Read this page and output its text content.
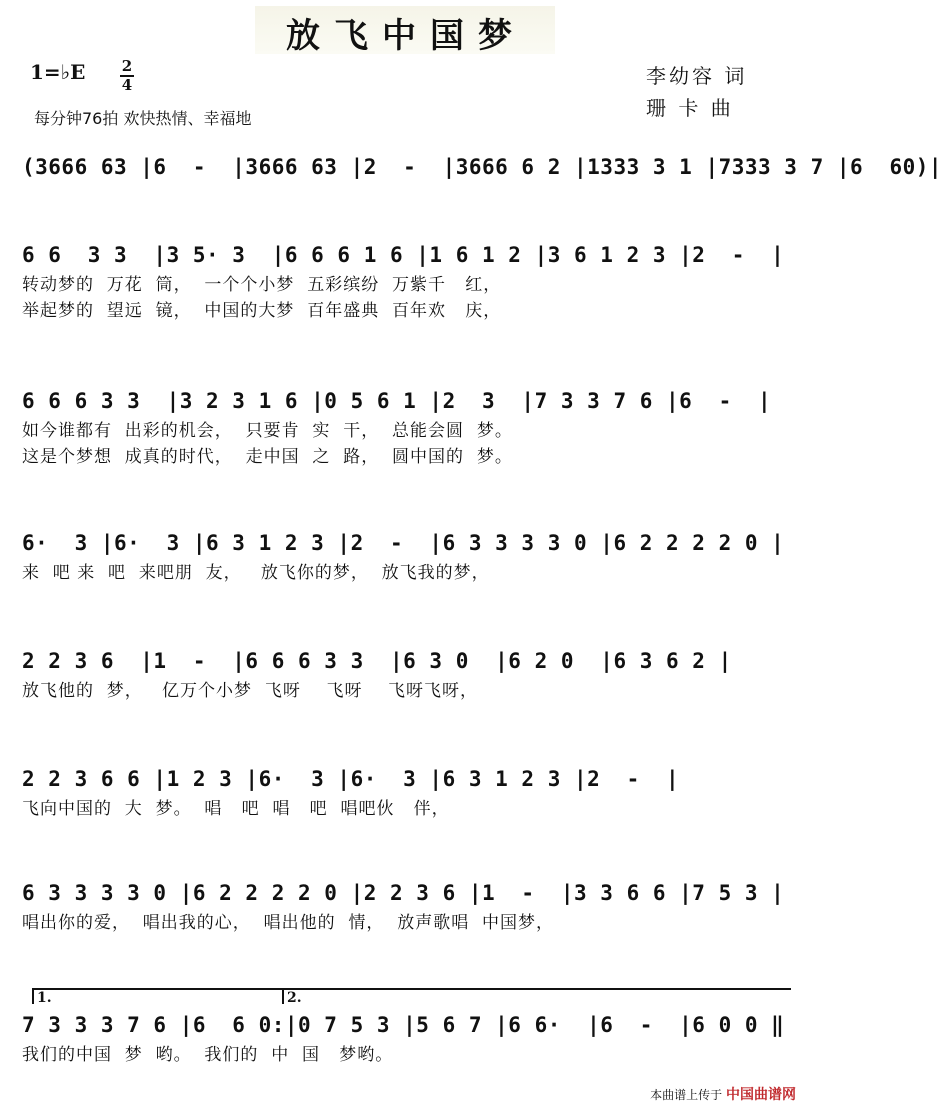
放飞中国梦
1=♭E 2
4
每分钟76拍 欢快热情、幸福地
李幼容 词
珊 卡 曲
(3666 63 |6  -  |3666 63 |2  -  |3666 6 2 |1333 3 1 |7333 3 7 |6  60)|
6 6  3 3  |3 5· 3  |6 6 6 1 6 |1 6 1 2 |3 6 1 2 3 |2  -  |
转动梦的  万花  筒，  一个个小梦  五彩缤纷  万紫千   红，
举起梦的  望远  镜，  中国的大梦  百年盛典  百年欢   庆，
6 6 6 3 3  |3 2 3 1 6 |0 5 6 1 |2  3  |7 3 3 7 6 |6  -  |
如今谁都有  出彩的机会，  只要肯  实  干，  总能会圆  梦。
这是个梦想  成真的时代，  走中国  之  路，  圆中国的  梦。
6·  3 |6·  3 |6 3 1 2 3 |2  -  |6 3 3 3 3 0 |6 2 2 2 2 0 |
来  吧 来  吧  来吧朋  友，   放飞你的梦，  放飞我的梦，
2 2 3 6  |1  -  |6 6 6 3 3  |6 3 0  |6 2 0  |6 3 6 2 |
放飞他的  梦，   亿万个小梦  飞呀    飞呀    飞呀飞呀，
2 2 3 6 6 |1 2 3 |6·  3 |6·  3 |6 3 1 2 3 |2  -  |
飞向中国的  大  梦。  唱   吧  唱   吧  唱吧伙   伴，
6 3 3 3 3 0 |6 2 2 2 2 0 |2 2 3 6 |1  -  |3 3 6 6 |7 5 3 |
唱出你的爱，  唱出我的心，  唱出他的  情，  放声歌唱  中国梦，
1.	2.
7 3 3 3 7 6 |6  6 0:|0 7 5 3 |5 6 7 |6 6·  |6  -  |6 0 0 ‖
我们的中国  梦  哟。  我们的  中  国   梦哟。
本曲谱上传于 中国曲谱网
